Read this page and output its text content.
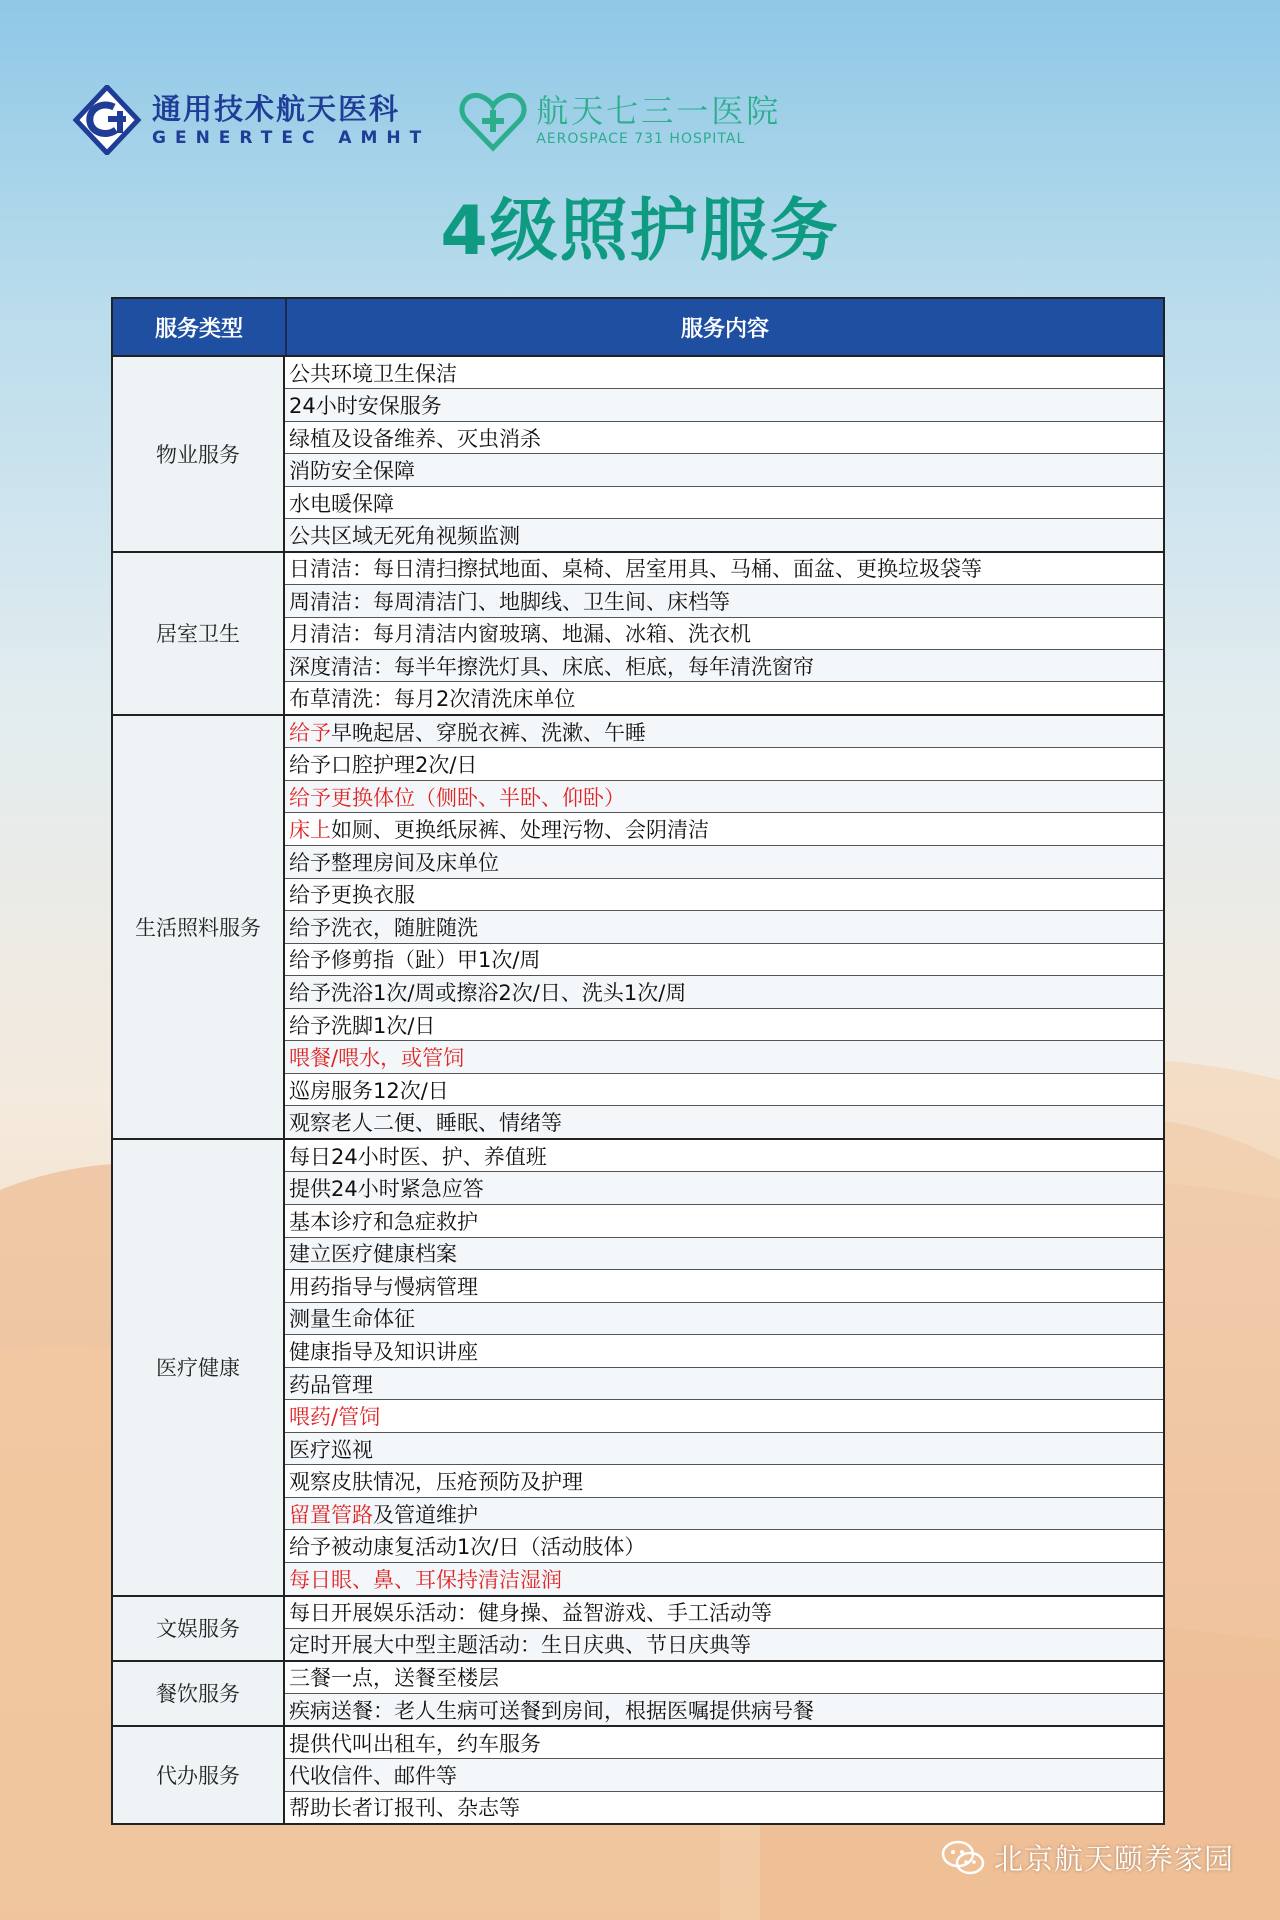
通用技术航天医科
GENERTEC AMHT
航天七三一医院
AEROSPACE 731 HOSPITAL
4级照护服务
服务类型	服务内容
物业服务
公共环境卫生保洁
24小时安保服务
绿植及设备维养、灭虫消杀
消防安全保障
水电暖保障
公共区域无死角视频监测
居室卫生
日清洁：每日清扫擦拭地面、桌椅、居室用具、马桶、面盆、更换垃圾袋等
周清洁：每周清洁门、地脚线、卫生间、床档等
月清洁：每月清洁内窗玻璃、地漏、冰箱、洗衣机
深度清洁：每半年擦洗灯具、床底、柜底，每年清洗窗帘
布草清洗：每月2次清洗床单位
生活照料服务
给予 早晚起居、穿脱衣裤、洗漱、午睡
给予口腔护理2次/日
给予更换体位（侧卧、半卧、仰卧）
床上 如厕、更换纸尿裤、处理污物、会阴清洁
给予整理房间及床单位
给予更换衣服
给予洗衣，随脏随洗
给予修剪指（趾）甲1次/周
给予洗浴1次/周或擦浴2次/日、洗头1次/周
给予洗脚1次/日
喂餐/喂水，或管饲
巡房服务12次/日
观察老人二便、睡眠、情绪等
医疗健康
每日24小时医、护、养值班
提供24小时紧急应答
基本诊疗和急症救护
建立医疗健康档案
用药指导与慢病管理
测量生命体征
健康指导及知识讲座
药品管理
喂药/管饲
医疗巡视
观察皮肤情况，压疮预防及护理
留置管路 及管道维护
给予被动康复活动1次/日（活动肢体）
每日眼、鼻、耳保持清洁湿润
文娱服务
每日开展娱乐活动：健身操、益智游戏、手工活动等
定时开展大中型主题活动：生日庆典、节日庆典等
餐饮服务
三餐一点，送餐至楼层
疾病送餐：老人生病可送餐到房间，根据医嘱提供病号餐
代办服务
提供代叫出租车，约车服务
代收信件、邮件等
帮助长者订报刊、杂志等
北京航天颐养家园
